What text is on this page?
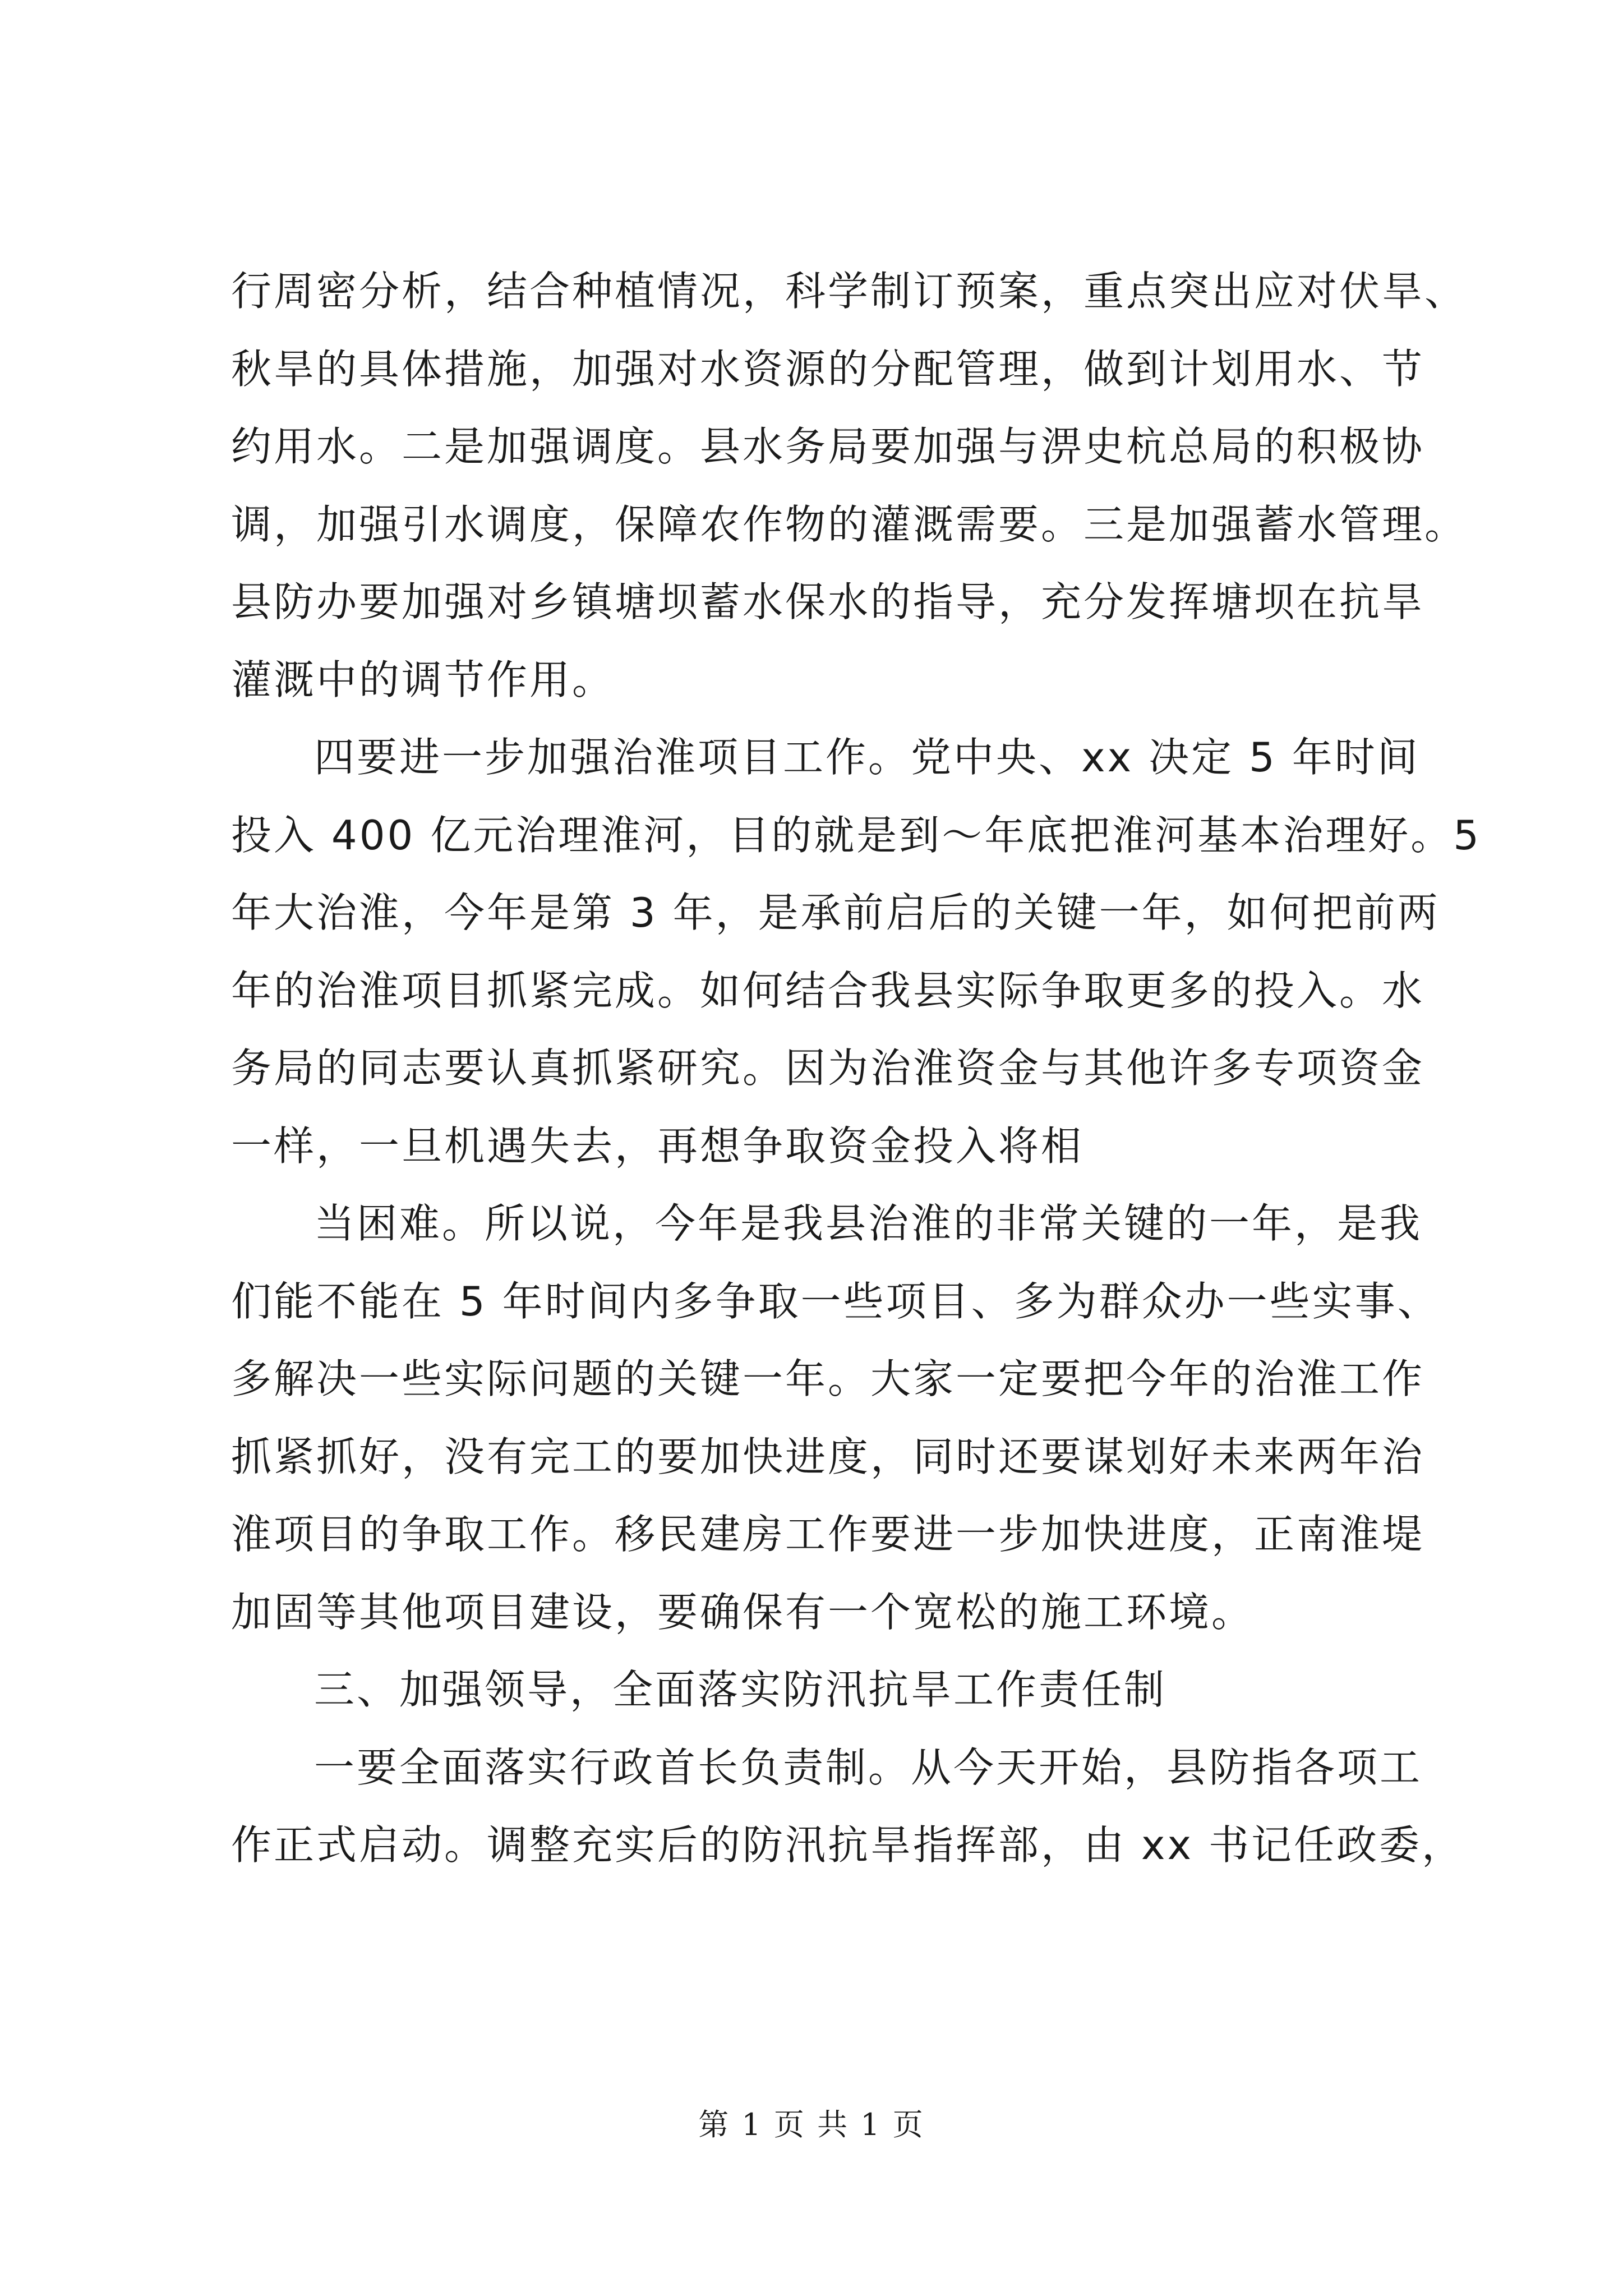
行周密分析，结合种植情况，科学制订预案，重点突出应对伏旱、
秋旱的具体措施，加强对水资源的分配管理，做到计划用水、节
约用水。二是加强调度。县水务局要加强与淠史杭总局的积极协
调，加强引水调度，保障农作物的灌溉需要。三是加强蓄水管理。
县防办要加强对乡镇塘坝蓄水保水的指导，充分发挥塘坝在抗旱
灌溉中的调节作用。

四要进一步加强治淮项目工作。党中央、xx 决定 5 年时间
投入 400 亿元治理淮河，目的就是到～年底把淮河基本治理好。5
年大治淮，今年是第 3 年，是承前启后的关键一年，如何把前两
年的治淮项目抓紧完成。如何结合我县实际争取更多的投入。水
务局的同志要认真抓紧研究。因为治淮资金与其他许多专项资金
一样，一旦机遇失去，再想争取资金投入将相

当困难。所以说，今年是我县治淮的非常关键的一年，是我
们能不能在 5 年时间内多争取一些项目、多为群众办一些实事、
多解决一些实际问题的关键一年。大家一定要把今年的治淮工作
抓紧抓好，没有完工的要加快进度，同时还要谋划好未来两年治
淮项目的争取工作。移民建房工作要进一步加快进度，正南淮堤
加固等其他项目建设，要确保有一个宽松的施工环境。

三、加强领导，全面落实防汛抗旱工作责任制

一要全面落实行政首长负责制。从今天开始，县防指各项工
作正式启动。调整充实后的防汛抗旱指挥部，由 xx 书记任政委，

第 1 页 共 1 页
